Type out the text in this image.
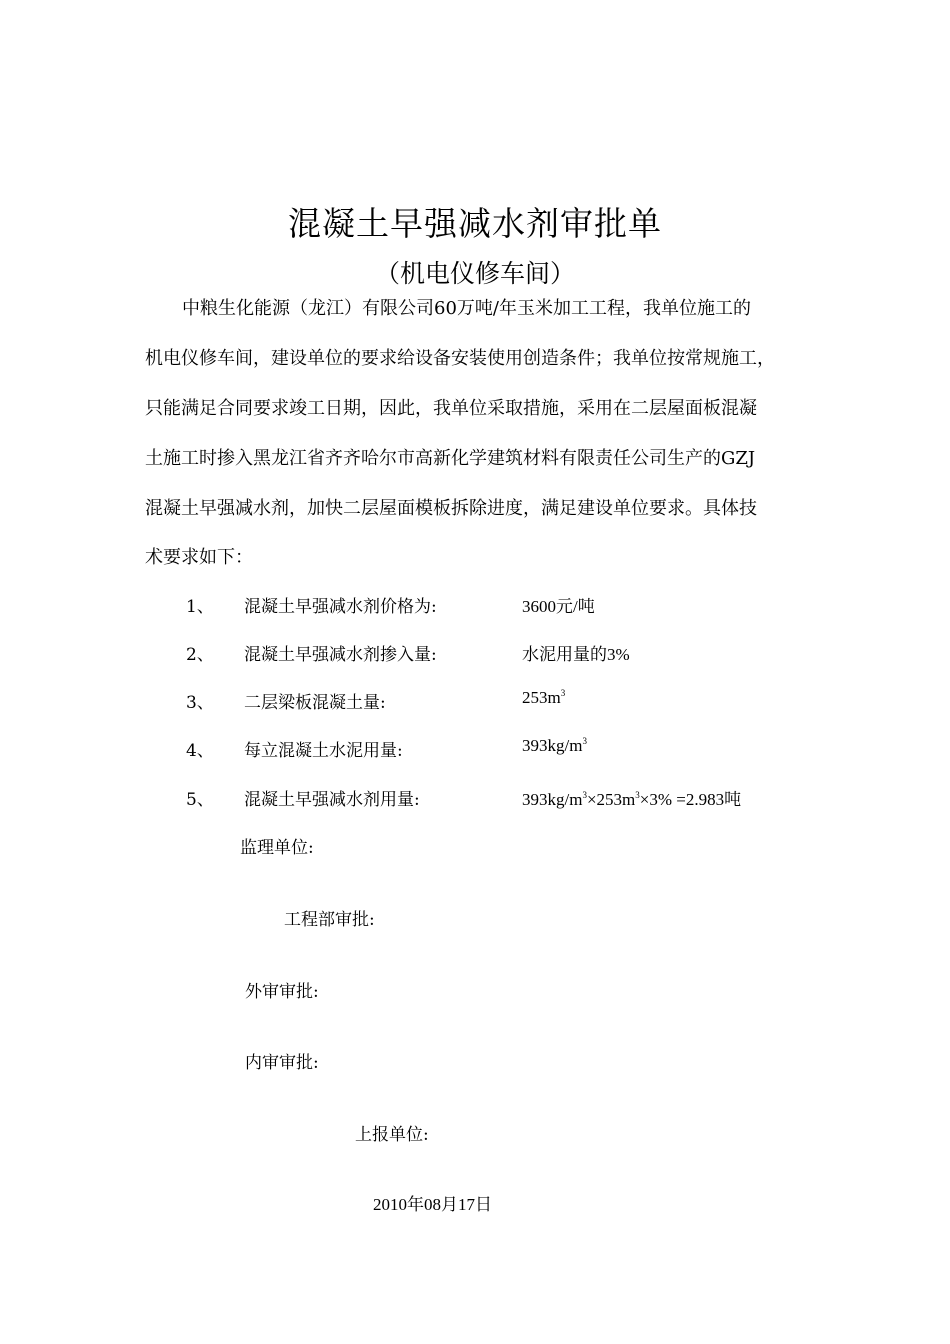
混凝土早强减水剂审批单
（机电仪修车间）
中粮生化能源（龙江）有限公司60万吨/年玉米加工工程，我单位施工的
机电仪修车间，建设单位的要求给设备安装使用创造条件；我单位按常规施工，
只能满足合同要求竣工日期，因此，我单位采取措施，采用在二层屋面板混凝
土施工时掺入黑龙江省齐齐哈尔市高新化学建筑材料有限责任公司生产的GZJ
混凝土早强减水剂，加快二层屋面模板拆除进度，满足建设单位要求。具体技
术要求如下：
1、 混凝土早强减水剂价格为:	3600元/吨
2、 混凝土早强减水剂掺入量:	水泥用量的3%
3、 二层梁板混凝土量:	$253m^3$
4、 每立混凝土水泥用量:	$393kg/m^3$
5、 混凝土早强减水剂用量:	$393kg/m^3\times 253m^3\times 3\% =2.983$吨
监理单位:
工程部审批:
外审审批:
内审审批:
上报单位:
2010年08月17日
